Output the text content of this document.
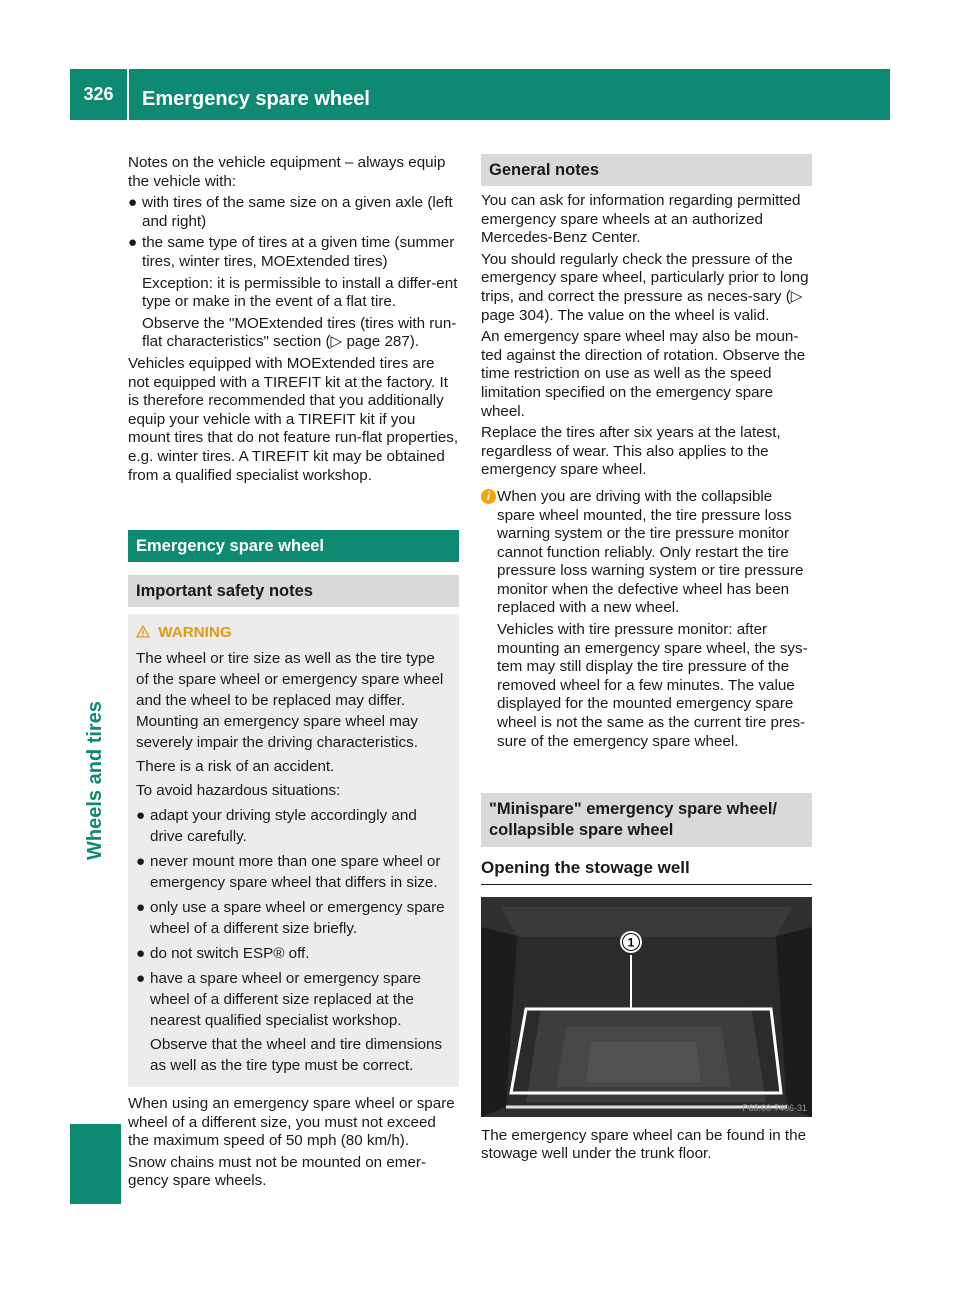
326	Emergency spare wheel
Wheels and tires

Notes on the vehicle equipment – always equip the vehicle with:

● with tires of the same size on a given axle (left and right)
● the same type of tires at a given time (summer tires, winter tires, MOExtended tires)

Exception: it is permissible to install a differ-ent type or make in the event of a flat tire.

Observe the "MOExtended tires (tires with run-flat characteristics" section (▷ page 287).

Vehicles equipped with MOExtended tires are not equipped with a TIREFIT kit at the factory. It is therefore recommended that you additionally equip your vehicle with a TIREFIT kit if you mount tires that do not feature run-flat properties, e.g. winter tires. A TIREFIT kit may be obtained from a qualified specialist workshop.

Emergency spare wheel
Important safety notes
WARNING

The wheel or tire size as well as the tire type of the spare wheel or emergency spare wheel and the wheel to be replaced may differ. Mounting an emergency spare wheel may severely impair the driving characteristics.

There is a risk of an accident.

To avoid hazardous situations:

● adapt your driving style accordingly and drive carefully.
● never mount more than one spare wheel or emergency spare wheel that differs in size.
● only use a spare wheel or emergency spare wheel of a different size briefly.
● do not switch ESP® off.
● have a spare wheel or emergency spare wheel of a different size replaced at the nearest qualified specialist workshop.

Observe that the wheel and tire dimensions as well as the tire type must be correct.

When using an emergency spare wheel or spare wheel of a different size, you must not exceed the maximum speed of 50 mph (80 km/h).

Snow chains must not be mounted on emer-gency spare wheels.

General notes

You can ask for information regarding permitted emergency spare wheels at an authorized Mercedes-Benz Center.

You should regularly check the pressure of the emergency spare wheel, particularly prior to long trips, and correct the pressure as neces-sary (▷ page 304). The value on the wheel is valid.

An emergency spare wheel may also be moun-ted against the direction of rotation. Observe the time restriction on use as well as the speed limitation specified on the emergency spare wheel.

Replace the tires after six years at the latest, regardless of wear. This also applies to the emergency spare wheel.

i When you are driving with the collapsible spare wheel mounted, the tire pressure loss warning system or the tire pressure monitor cannot function reliably. Only restart the tire pressure loss warning system or tire pressure monitor when the defective wheel has been replaced with a new wheel.

Vehicles with tire pressure monitor: after mounting an emergency spare wheel, the sys-tem may still display the tire pressure of the removed wheel for a few minutes. The value displayed for the mounted emergency spare wheel is not the same as the current tire pres-sure of the emergency spare wheel.

"Minispare" emergency spare wheel/ collapsible spare wheel
Opening the stowage well
1
P68.00-7406-31

The emergency spare wheel can be found in the stowage well under the trunk floor.
